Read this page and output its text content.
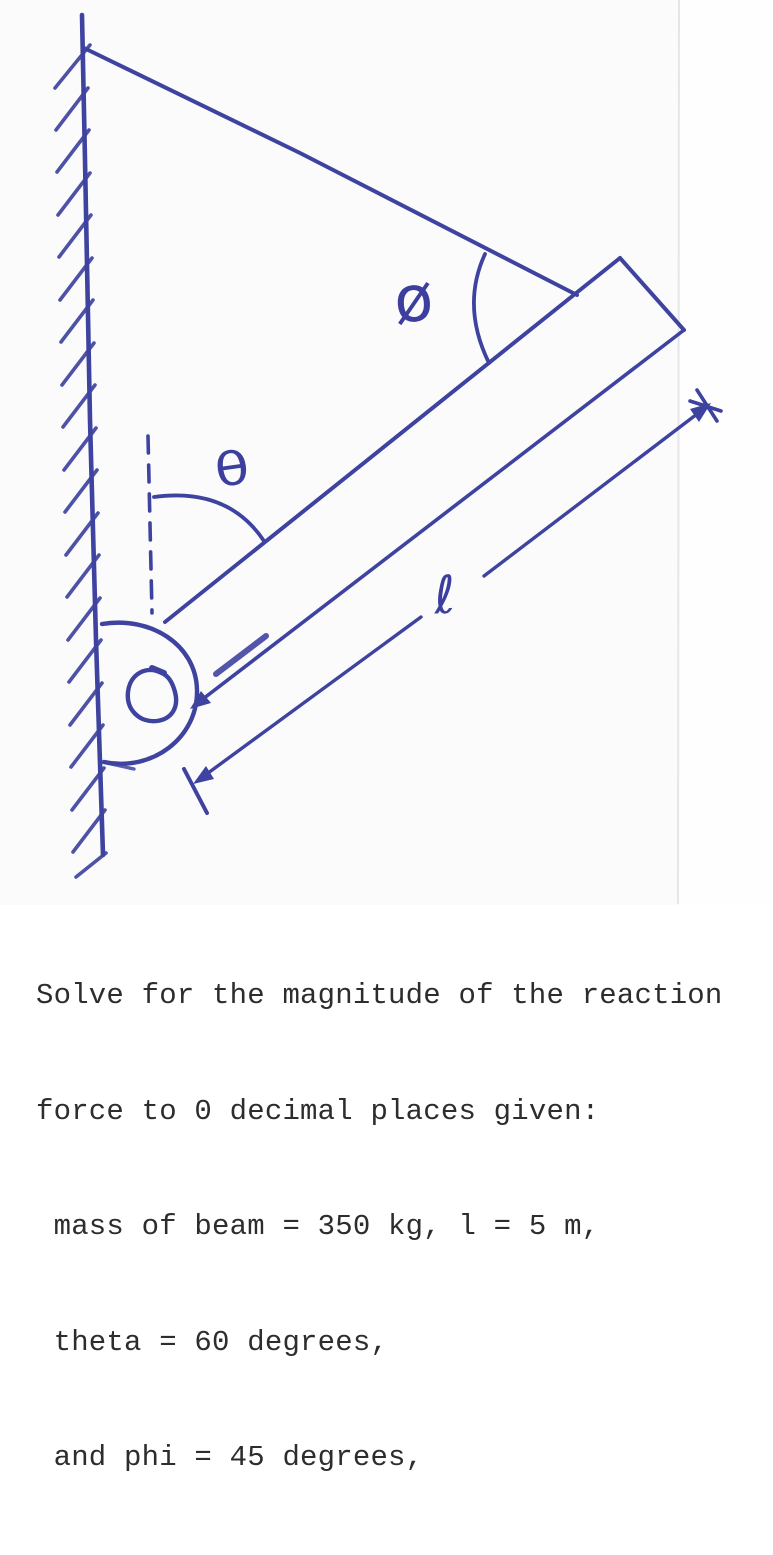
θ
ø
ℓ

Solve for the magnitude of the reaction

force to 0 decimal places given:

mass of beam = 350 kg, l = 5 m,

theta = 60 degrees,

and phi = 45 degrees,
